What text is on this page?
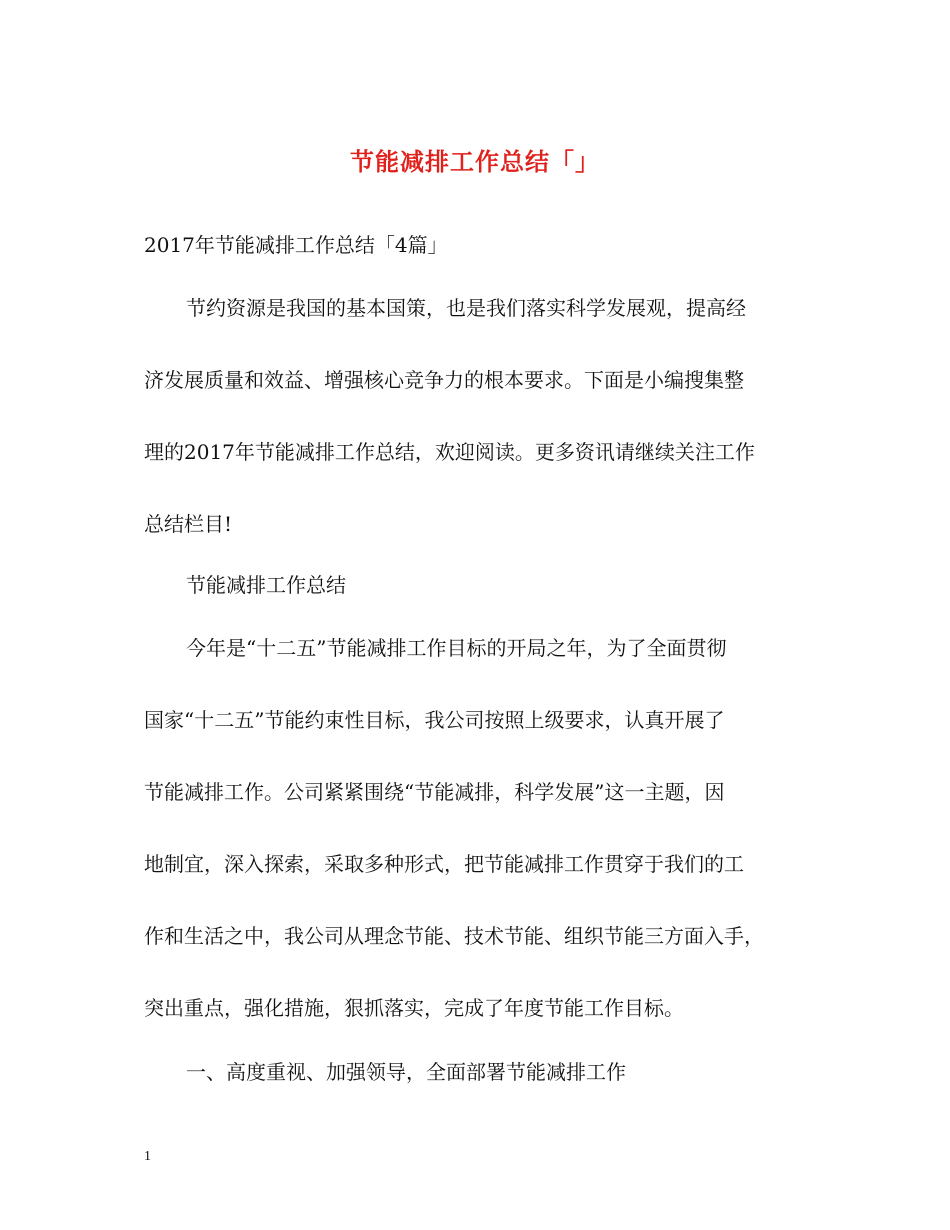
节能减排工作总结「」
2017年节能减排工作总结「4篇」
节约资源是我国的基本国策，也是我们落实科学发展观，提高经
济发展质量和效益、增强核心竞争力的根本要求。下面是小编搜集整
理的2017年节能减排工作总结，欢迎阅读。更多资讯请继续关注工作
总结栏目!
节能减排工作总结
今年是“十二五”节能减排工作目标的开局之年，为了全面贯彻
国家“十二五”节能约束性目标，我公司按照上级要求，认真开展了
节能减排工作。公司紧紧围绕“节能减排，科学发展”这一主题，因
地制宜，深入探索，采取多种形式，把节能减排工作贯穿于我们的工
作和生活之中，我公司从理念节能、技术节能、组织节能三方面入手，
突出重点，强化措施，狠抓落实，完成了年度节能工作目标。
一、高度重视、加强领导，全面部署节能减排工作
1
